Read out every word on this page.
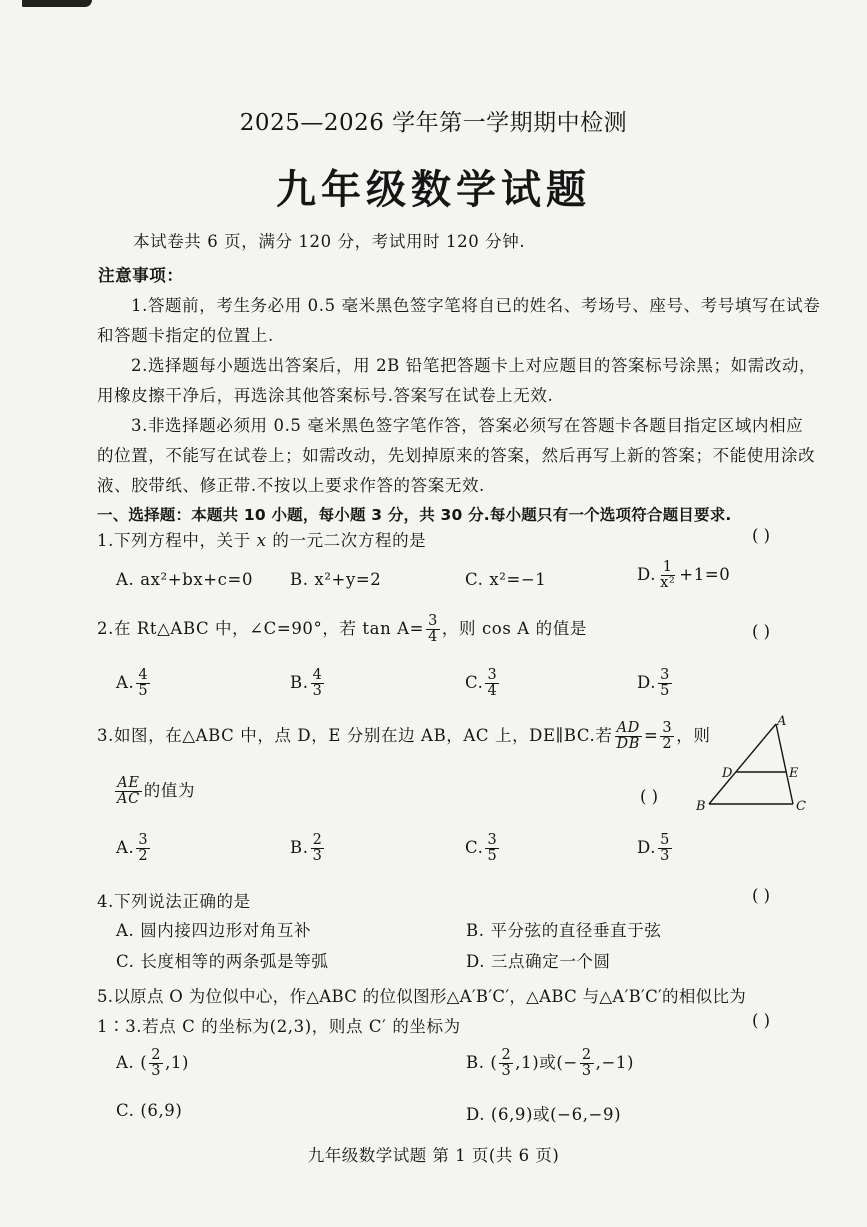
2025—2026 学年第一学期期中检测
九年级数学试题
本试卷共 6 页，满分 120 分，考试用时 120 分钟.
注意事项：
1.答题前，考生务必用 0.5 毫米黑色签字笔将自已的姓名、考场号、座号、考号填写在试卷
和答题卡指定的位置上.
2.选择题每小题选出答案后，用 2B 铅笔把答题卡上对应题目的答案标号涂黑；如需改动，
用橡皮擦干净后，再选涂其他答案标号.答案写在试卷上无效.
3.非选择题必须用 0.5 毫米黑色签字笔作答，答案必须写在答题卡各题目指定区域内相应
的位置，不能写在试卷上；如需改动，先划掉原来的答案，然后再写上新的答案；不能使用涂改
液、胶带纸、修正带.不按以上要求作答的答案无效.
一、选择题：本题共 10 小题，每小题 3 分，共 30 分.每小题只有一个选项符合题目要求.
1.下列方程中，关于 x 的一元二次方程的是	( )
A. ax²+bx+c=0 B. x²+y=2	C. x²=−1	D. $\frac{1}{\text{x²}} +1=0$
2.在 Rt△ABC 中，∠C=90°，若 $\tan A= \frac{3}{4}$ ，则 cos A 的值是	( )
A. $\frac{4}{5}$	B. $\frac{4}{3}$	C. $\frac{3}{4}$	D. $\frac{3}{5}$
3.如图，在△ABC 中，点 D，E 分别在边 AB，AC 上，DE∥BC.若 $\frac{AD}{DB} = \frac{3}{2}$ ，则
$\frac{AE}{AC}$ 的值为	( )
A
B	C
D	E
A. $\frac{3}{2}$	B. $\frac{2}{3}$	C. $\frac{3}{5}$	D. $\frac{5}{3}$
4.下列说法正确的是	( )
A. 圆内接四边形对角互补	B. 平分弦的直径垂直于弦
C. 长度相等的两条弧是等弧	D. 三点确定一个圆
5.以原点 O 为位似中心，作△ABC 的位似图形△A′B′C′，△ABC 与△A′B′C′的相似比为
1∶3.若点 C 的坐标为(2,3)，则点 C′ 的坐标为	( )
A. ( $\frac{2}{3} ,1$)	B. ( $\frac{2}{3} ,1$)或(− $\frac{2}{3} ,-1$)
C. (6,9)	D. (6,9)或(−6,−9)
九年级数学试题 第 1 页(共 6 页)
